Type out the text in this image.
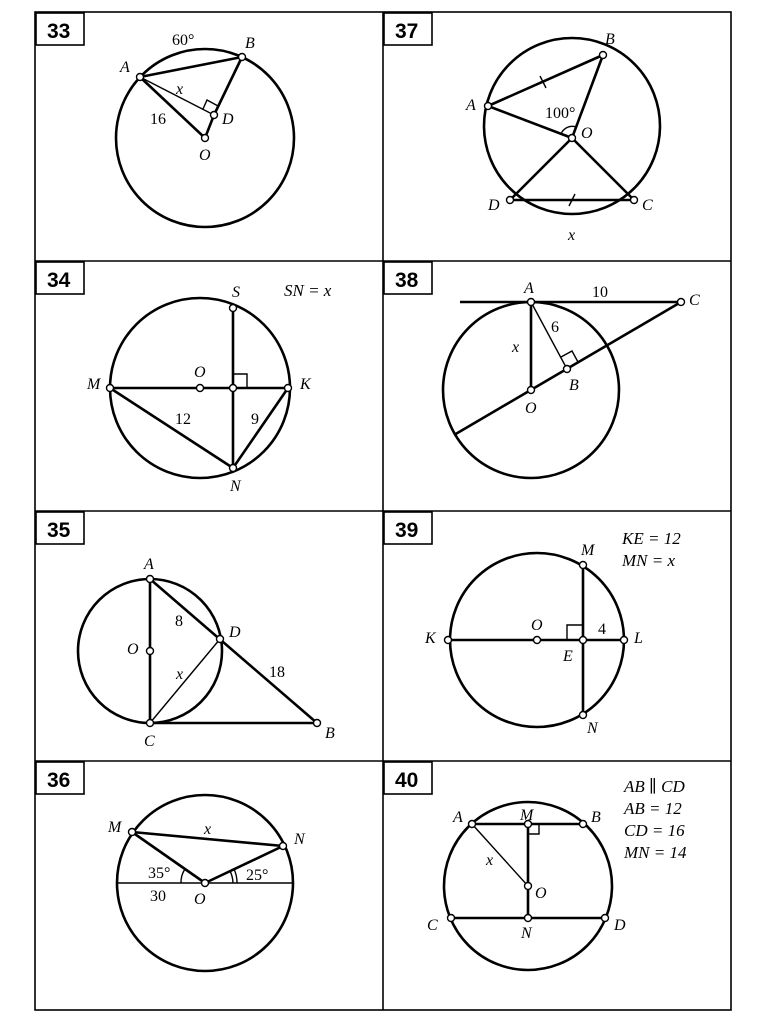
33
A
B
D
O
60°
x
16
37
A
B
C
D
O
100°
x
34	SN = x
S
M
O
K
N
12	9
38	A
C
B
O
10
6
x
35
A
D
O
C	B
8
18
x
39	KE = 12
MN = x
M
K
O
E
L
N
4
36
M
N
O
x
35°	25°
30
40	AB ∥ CD
AB = 12
CD = 16
MN = 14
A	M	B
O
C	N	D
x
